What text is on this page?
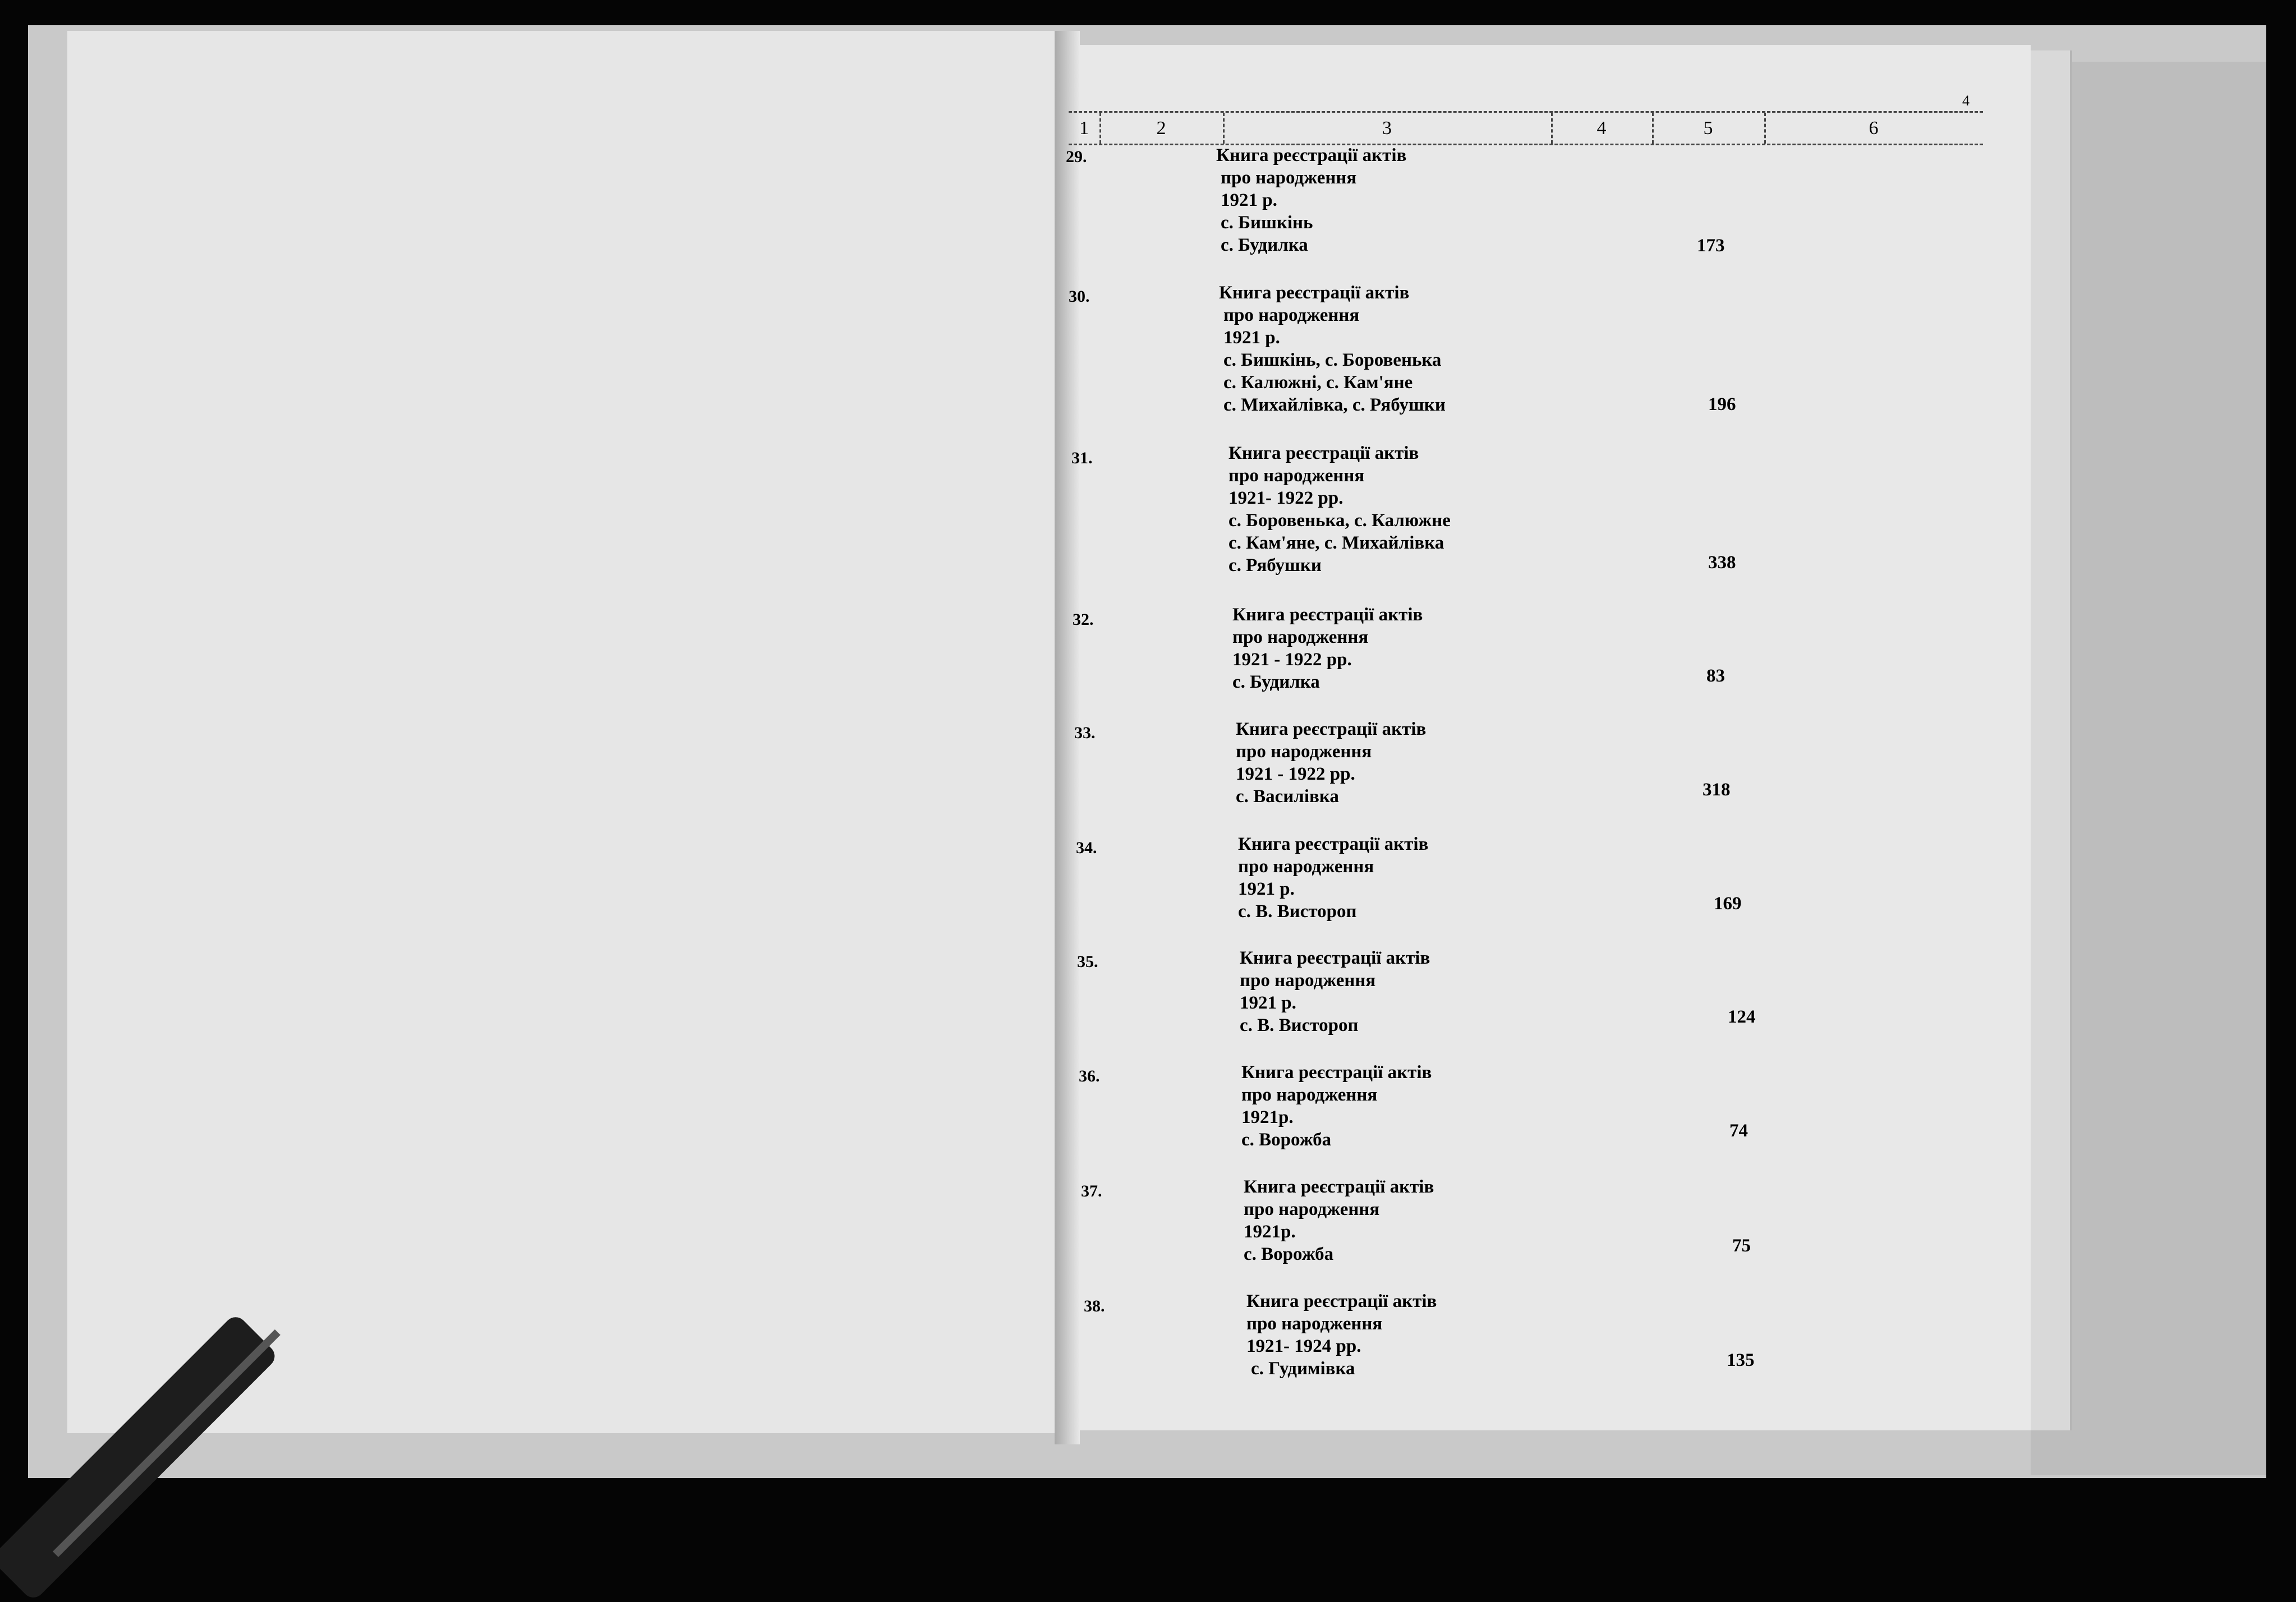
4
1	2	3	4	5	6
29.	Книга реєстрації актів
про народження
1921 р.
с. Бишкінь
с. Будилка	173
30.	Книга реєстрації актів
про народження
1921 р.
с. Бишкінь, с. Боровенька
с. Калюжні, с. Кам'яне
с. Михайлівка, с. Рябушки	196
31.	Книга реєстрації актів
про народження
1921- 1922 рр.
с. Боровенька, с. Калюжне
с. Кам'яне, с. Михайлівка
с. Рябушки	338
32.	Книга реєстрації актів
про народження
1921 - 1922 рр.
с. Будилка	83
33.	Книга реєстрації актів
про народження
1921 - 1922 рр.
с. Василівка	318
34.	Книга реєстрації актів
про народження
1921 р.
с. В. Вистороп	169
35.	Книга реєстрації актів
про народження
1921 р.
с. В. Вистороп	124
36.	Книга реєстрації актів
про народження
1921р.
с. Ворожба	74
37.	Книга реєстрації актів
про народження
1921р.
с. Ворожба	75
38.	Книга реєстрації актів
про народження
1921- 1924 рр.
с. Гудимівка	135
